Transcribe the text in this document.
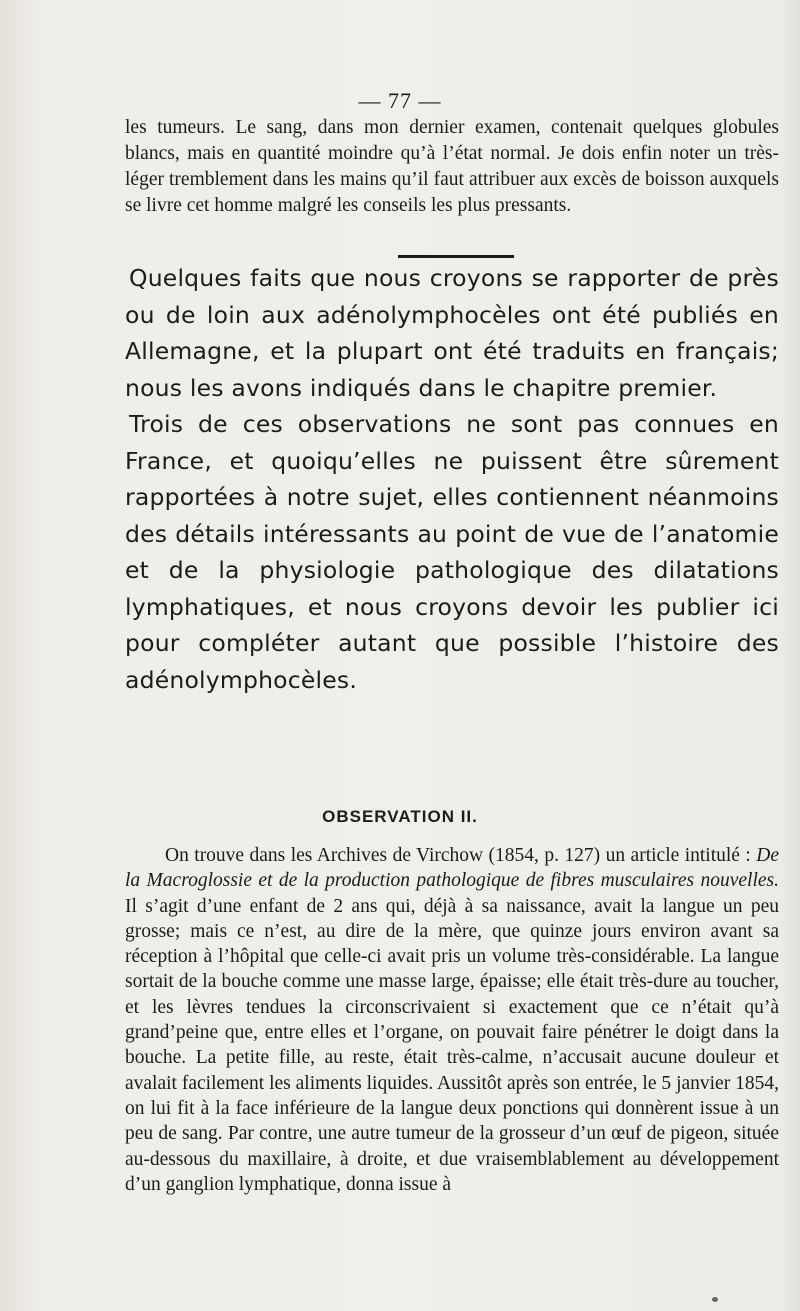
— 77 —

les tumeurs. Le sang, dans mon dernier examen, contenait quelques globules blancs, mais en quantité moindre qu’à l’état normal. Je dois enfin noter un très-léger tremblement dans les mains qu’il faut attribuer aux excès de boisson auxquels se livre cet homme malgré les conseils les plus pressants.

Quelques faits que nous croyons se rapporter de près ou de loin aux adénolymphocèles ont été publiés en Allemagne, et la plupart ont été traduits en français; nous les avons indiqués dans le chapitre premier.

Trois de ces observations ne sont pas connues en France, et quoiqu’elles ne puissent être sûrement rapportées à notre sujet, elles contiennent néanmoins des détails intéressants au point de vue de l’anatomie et de la physiologie pathologique des dilatations lymphatiques, et nous croyons devoir les publier ici pour compléter autant que possible l’histoire des adénolymphocèles.

OBSERVATION II.

On trouve dans les Archives de Virchow (1854, p. 127) un article intitulé : De la Macroglossie et de la production pathologique de fibres musculaires nouvelles. Il s’agit d’une enfant de 2 ans qui, déjà à sa naissance, avait la langue un peu grosse; mais ce n’est, au dire de la mère, que quinze jours environ avant sa réception à l’hôpital que celle-ci avait pris un volume très-considérable. La langue sortait de la bouche comme une masse large, épaisse; elle était très-dure au toucher, et les lèvres tendues la circonscrivaient si exactement que ce n’était qu’à grand’peine que, entre elles et l’organe, on pouvait faire pénétrer le doigt dans la bouche. La petite fille, au reste, était très-calme, n’accusait aucune douleur et avalait facilement les aliments liquides. Aussitôt après son entrée, le 5 janvier 1854, on lui fit à la face inférieure de la langue deux ponctions qui donnèrent issue à un peu de sang. Par contre, une autre tumeur de la grosseur d’un œuf de pigeon, située au-dessous du maxillaire, à droite, et due vraisemblablement au développement d’un ganglion lymphatique, donna issue à
